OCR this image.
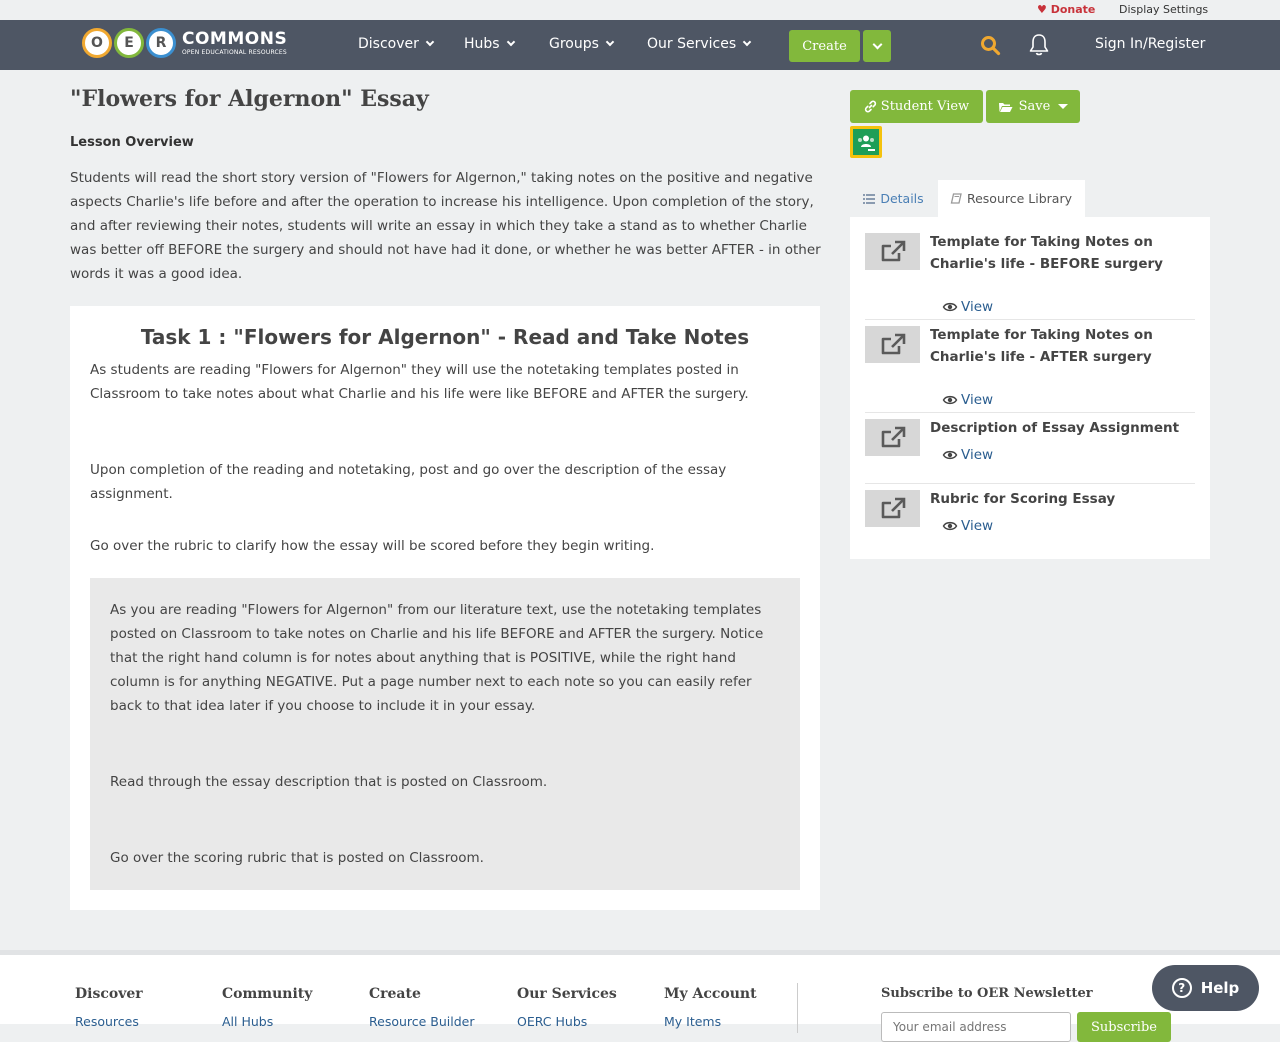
♥ Donate Display Settings
O	E	R COMMONS
OPEN EDUCATIONAL RESOURCES	Discover	Hubs	Groups	Our Services	Create	Sign In/Register
"Flowers for Algernon" Essay
Lesson Overview

Students will read the short story version of "Flowers for Algernon," taking notes on the positive and negative aspects Charlie's life before and after the operation to increase his intelligence. Upon completion of the story, and after reviewing their notes, students will write an essay in which they take a stand as to whether Charlie was better off BEFORE the surgery and should not have had it done, or whether he was better AFTER - in other words it was a good idea.

Task 1 : "Flowers for Algernon" - Read and Take Notes

As students are reading "Flowers for Algernon" they will use the notetaking templates posted in Classroom to take notes about what Charlie and his life were like BEFORE and AFTER the surgery.

Upon completion of the reading and notetaking, post and go over the description of the essay assignment.

Go over the rubric to clarify how the essay will be scored before they begin writing.

As you are reading "Flowers for Algernon" from our literature text, use the notetaking templates posted on Classroom to take notes on Charlie and his life BEFORE and AFTER the surgery. Notice that the right hand column is for notes about anything that is POSITIVE, while the right hand column is for anything NEGATIVE. Put a page number next to each note so you can easily refer back to that idea later if you choose to include it in your essay.

Read through the essay description that is posted on Classroom.

Go over the scoring rubric that is posted on Classroom.

Student View	Save
Details	Resource Library
Template for Taking Notes on Charlie's life - BEFORE surgery
View
Template for Taking Notes on Charlie's life - AFTER surgery
View
Description of Essay Assignment
View
Rubric for Scoring Essay
View
Discover
Resources
Community
All Hubs
Create
Resource Builder
Our Services
OERC Hubs
My Account
My Items
Subscribe to OER Newsletter
Your email address
Subscribe
?	Help
